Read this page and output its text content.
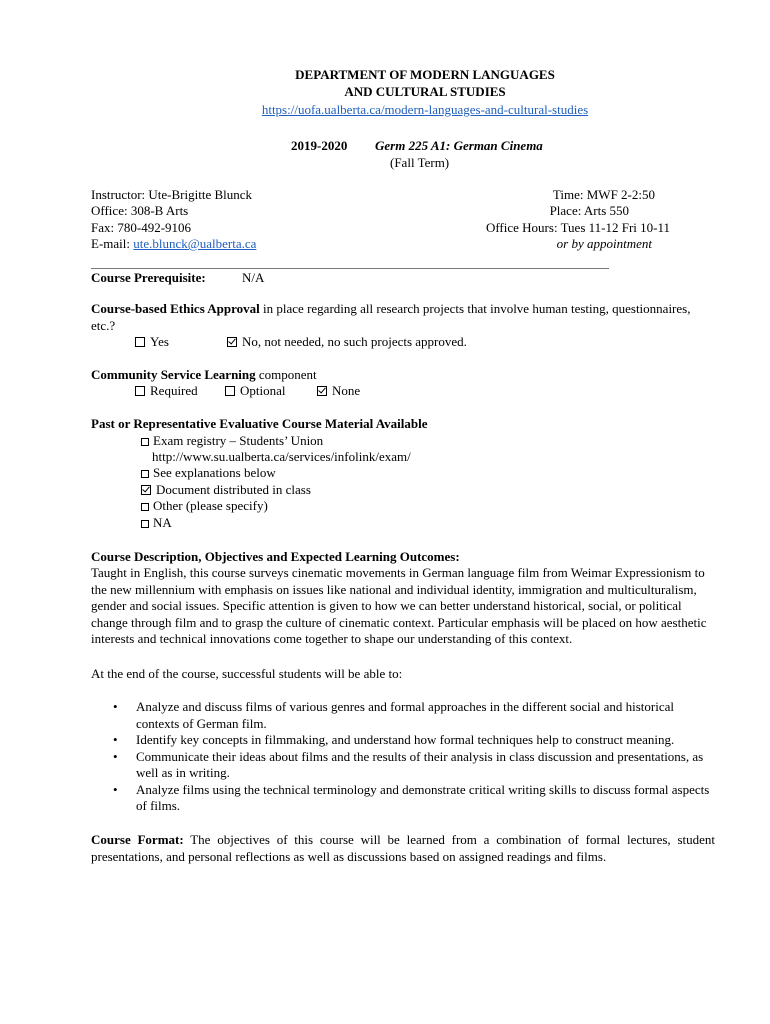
DEPARTMENT OF MODERN LANGUAGES
AND CULTURAL STUDIES
https://uofa.ualberta.ca/modern-languages-and-cultural-studies
2019-2020 Germ 225 A1: German Cinema
(Fall Term)
Instructor: Ute-Brigitte Blunck
Office: 308-B Arts
Fax: 780-492-9106
E-mail: ute.blunck@ualberta.ca
Time: MWF 2-2:50
Place: Arts 550
Office Hours: Tues 11-12 Fri 10-11
or by appointment
Course Prerequisite:	N/A
Course-based Ethics Approval in place regarding all research projects that involve human testing, questionnaires, etc.?
Yes	No, not needed, no such projects approved.
Community Service Learning component
Required	Optional	None
Past or Representative Evaluative Course Material Available
Exam registry – Students’ Union
http://www.su.ualberta.ca/services/infolink/exam/
See explanations below
Document distributed in class
Other (please specify)
NA
Course Description, Objectives and Expected Learning Outcomes:
Taught in English, this course surveys cinematic movements in German language film from Weimar Expressionism to the new millennium with emphasis on issues like national and individual identity, immigration and multiculturalism, gender and social issues. Specific attention is given to how we can better understand historical, social, or political change through film and to grasp the culture of cinematic context. Particular emphasis will be placed on how aesthetic interests and technical innovations come together to shape our understanding of this context.
At the end of the course, successful students will be able to:
• Analyze and discuss films of various genres and formal approaches in the different social and historical contexts of German film.
• Identify key concepts in filmmaking, and understand how formal techniques help to construct meaning.
• Communicate their ideas about films and the results of their analysis in class discussion and presentations, as well as in writing.
• Analyze films using the technical terminology and demonstrate critical writing skills to discuss formal aspects of films.
Course Format: The objectives of this course will be learned from a combination of formal lectures, student presentations, and personal reflections as well as discussions based on assigned readings and films.
